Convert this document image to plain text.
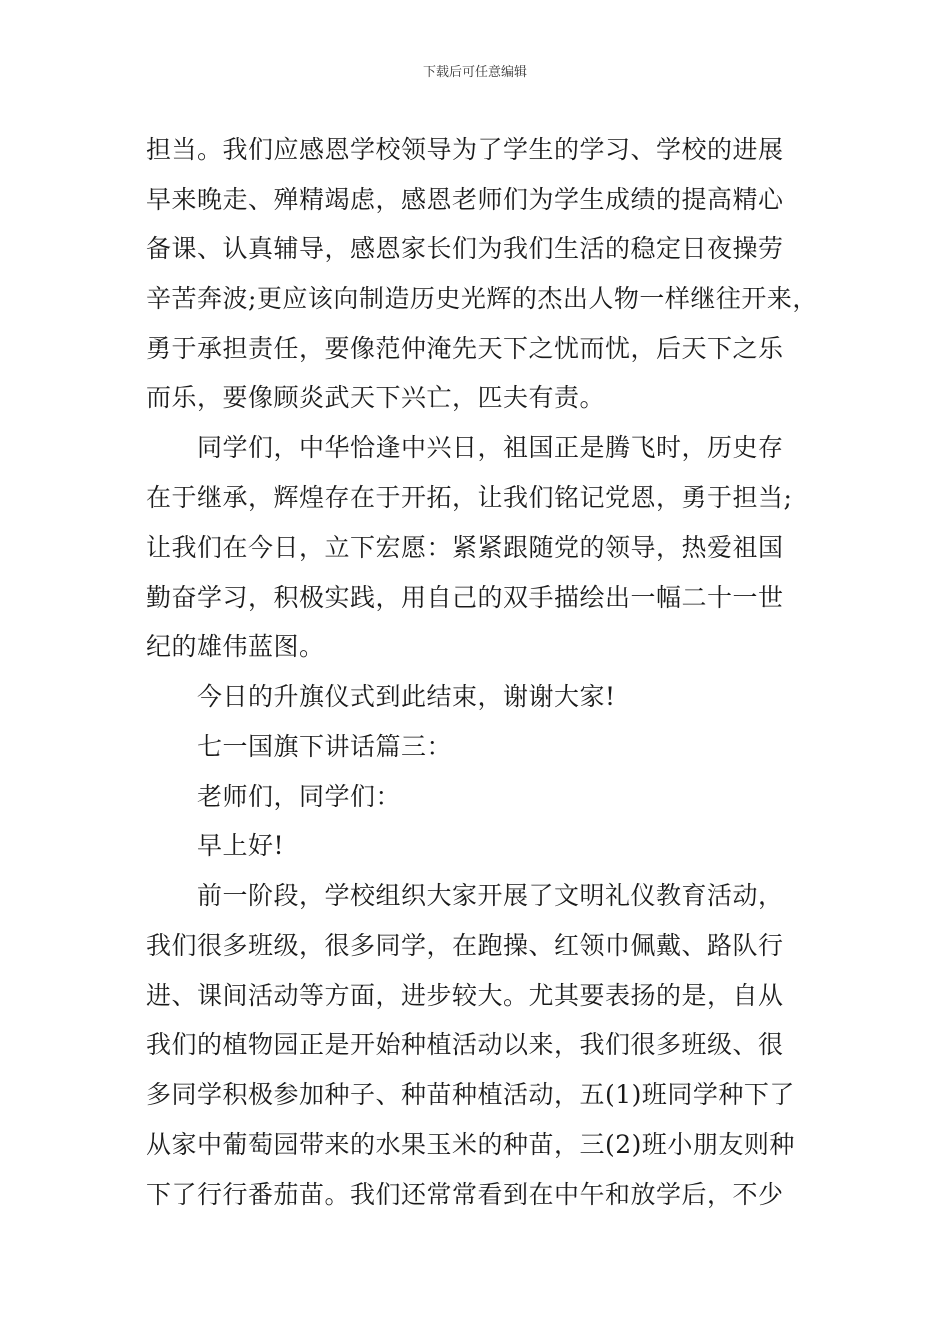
下载后可任意编辑
担当。我们应感恩学校领导为了学生的学习、学校的进展
早来晚走、殚精竭虑，感恩老师们为学生成绩的提高精心
备课、认真辅导，感恩家长们为我们生活的稳定日夜操劳
辛苦奔波;更应该向制造历史光辉的杰出人物一样继往开来，
勇于承担责任，要像范仲淹先天下之忧而忧，后天下之乐
而乐，要像顾炎武天下兴亡，匹夫有责。
同学们，中华恰逢中兴日，祖国正是腾飞时，历史存
在于继承，辉煌存在于开拓，让我们铭记党恩，勇于担当;
让我们在今日，立下宏愿：紧紧跟随党的领导，热爱祖国
勤奋学习，积极实践，用自己的双手描绘出一幅二十一世
纪的雄伟蓝图。
今日的升旗仪式到此结束，谢谢大家!
七一国旗下讲话篇三：
老师们，同学们：
早上好!
前一阶段，学校组织大家开展了文明礼仪教育活动，
我们很多班级，很多同学，在跑操、红领巾佩戴、路队行
进、课间活动等方面，进步较大。尤其要表扬的是，自从
我们的植物园正是开始种植活动以来，我们很多班级、很
多同学积极参加种子、种苗种植活动，五(1)班同学种下了
从家中葡萄园带来的水果玉米的种苗，三(2)班小朋友则种
下了行行番茄苗。我们还常常看到在中午和放学后，不少
